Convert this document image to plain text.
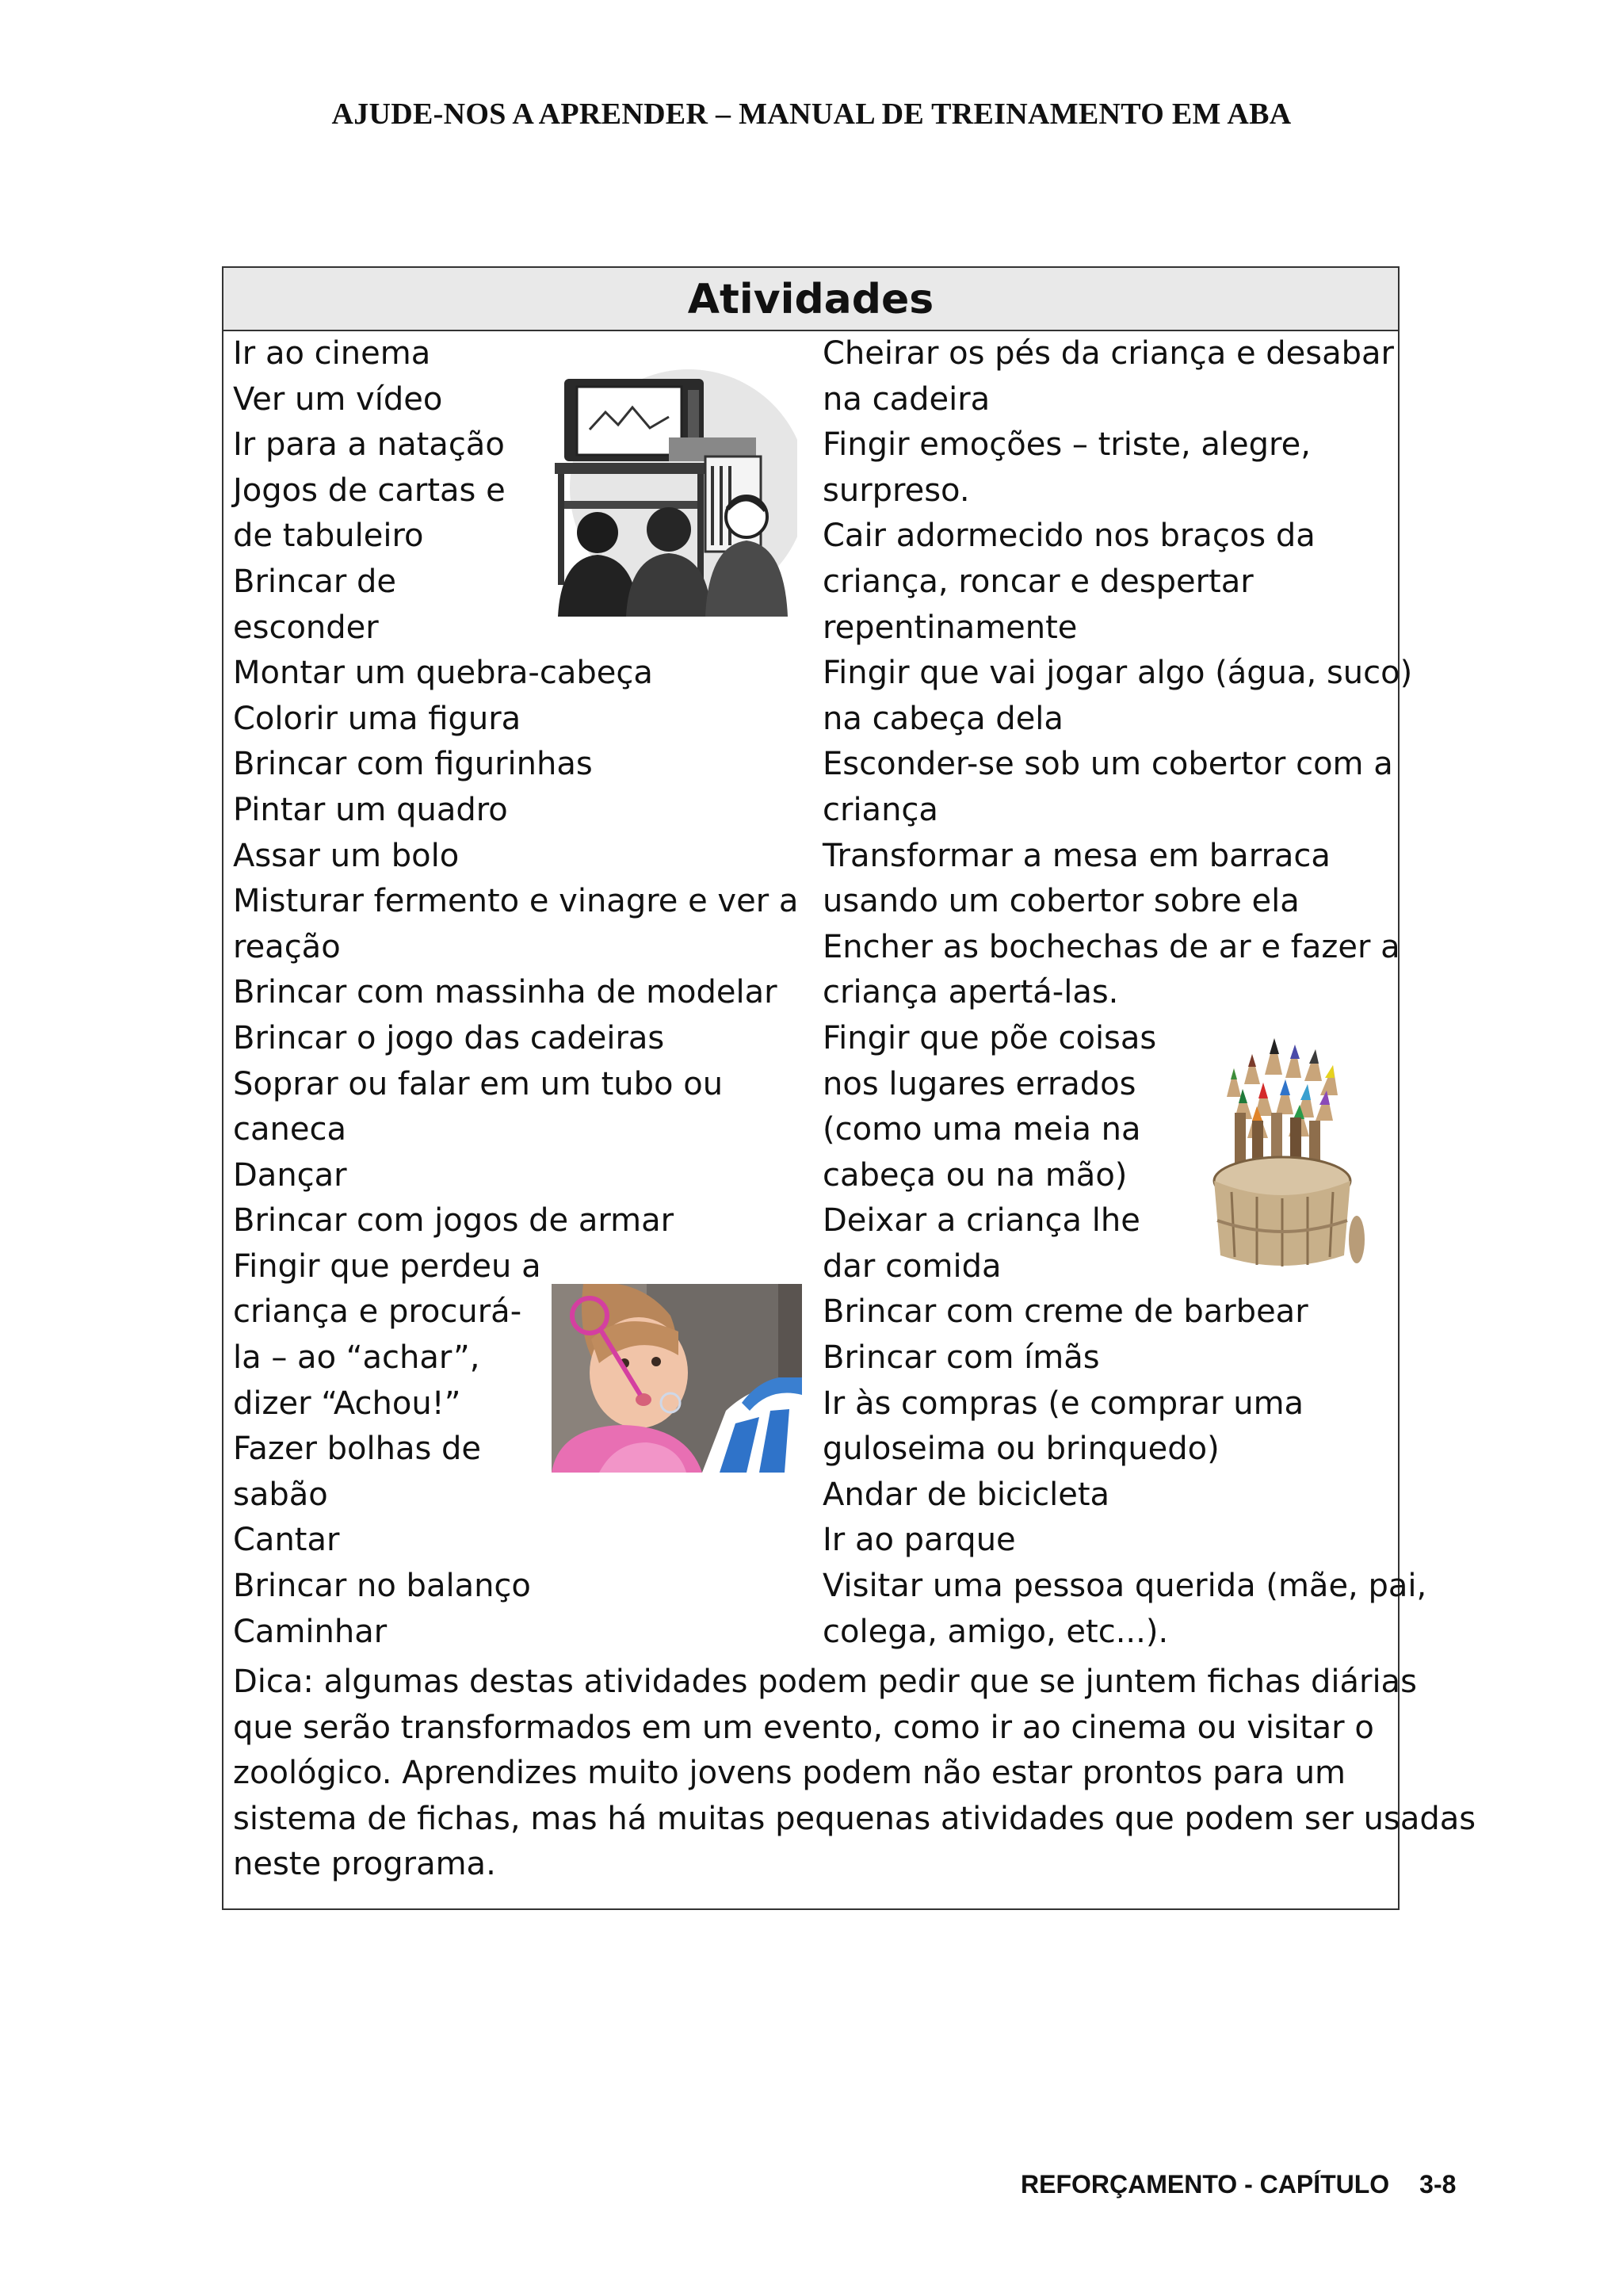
AJUDE-NOS A APRENDER – MANUAL DE TREINAMENTO EM ABA
Atividades
Ir ao cinema
Ver um vídeo
Ir para a natação
Jogos de cartas e
de tabuleiro
Brincar de
esconder
Montar um quebra-cabeça
Colorir uma figura
Brincar com figurinhas
Pintar um quadro
Assar um bolo
Misturar fermento e vinagre e ver a
reação
Brincar com massinha de modelar
Brincar o jogo das cadeiras
Soprar ou falar em um tubo ou
caneca
Dançar
Brincar com jogos de armar
Fingir que perdeu a
criança e procurá-
la – ao “achar”,
dizer “Achou!”
Fazer bolhas de
sabão
Cantar
Brincar no balanço
Caminhar
Cheirar os pés da criança e desabar
na cadeira
Fingir emoções – triste, alegre,
surpreso.
Cair adormecido nos braços da
criança, roncar e despertar
repentinamente
Fingir que vai jogar algo (água, suco)
na cabeça dela
Esconder-se sob um cobertor com a
criança
Transformar a mesa em barraca
usando um cobertor sobre ela
Encher as bochechas de ar e fazer a
criança apertá-las.
Fingir que põe coisas
nos lugares errados
(como uma meia na
cabeça ou na mão)
Deixar a criança lhe
dar comida
Brincar com creme de barbear
Brincar com ímãs
Ir às compras (e comprar uma
guloseima ou brinquedo)
Andar de bicicleta
Ir ao parque
Visitar uma pessoa querida (mãe, pai,
colega, amigo, etc...).
Dica: algumas destas atividades podem pedir que se juntem fichas diárias
que serão transformados em um evento, como ir ao cinema ou visitar o
zoológico. Aprendizes muito jovens podem não estar prontos para um
sistema de fichas, mas há muitas pequenas atividades que podem ser usadas
neste programa.
REFORÇAMENTO - CAPÍTULO 3-8
